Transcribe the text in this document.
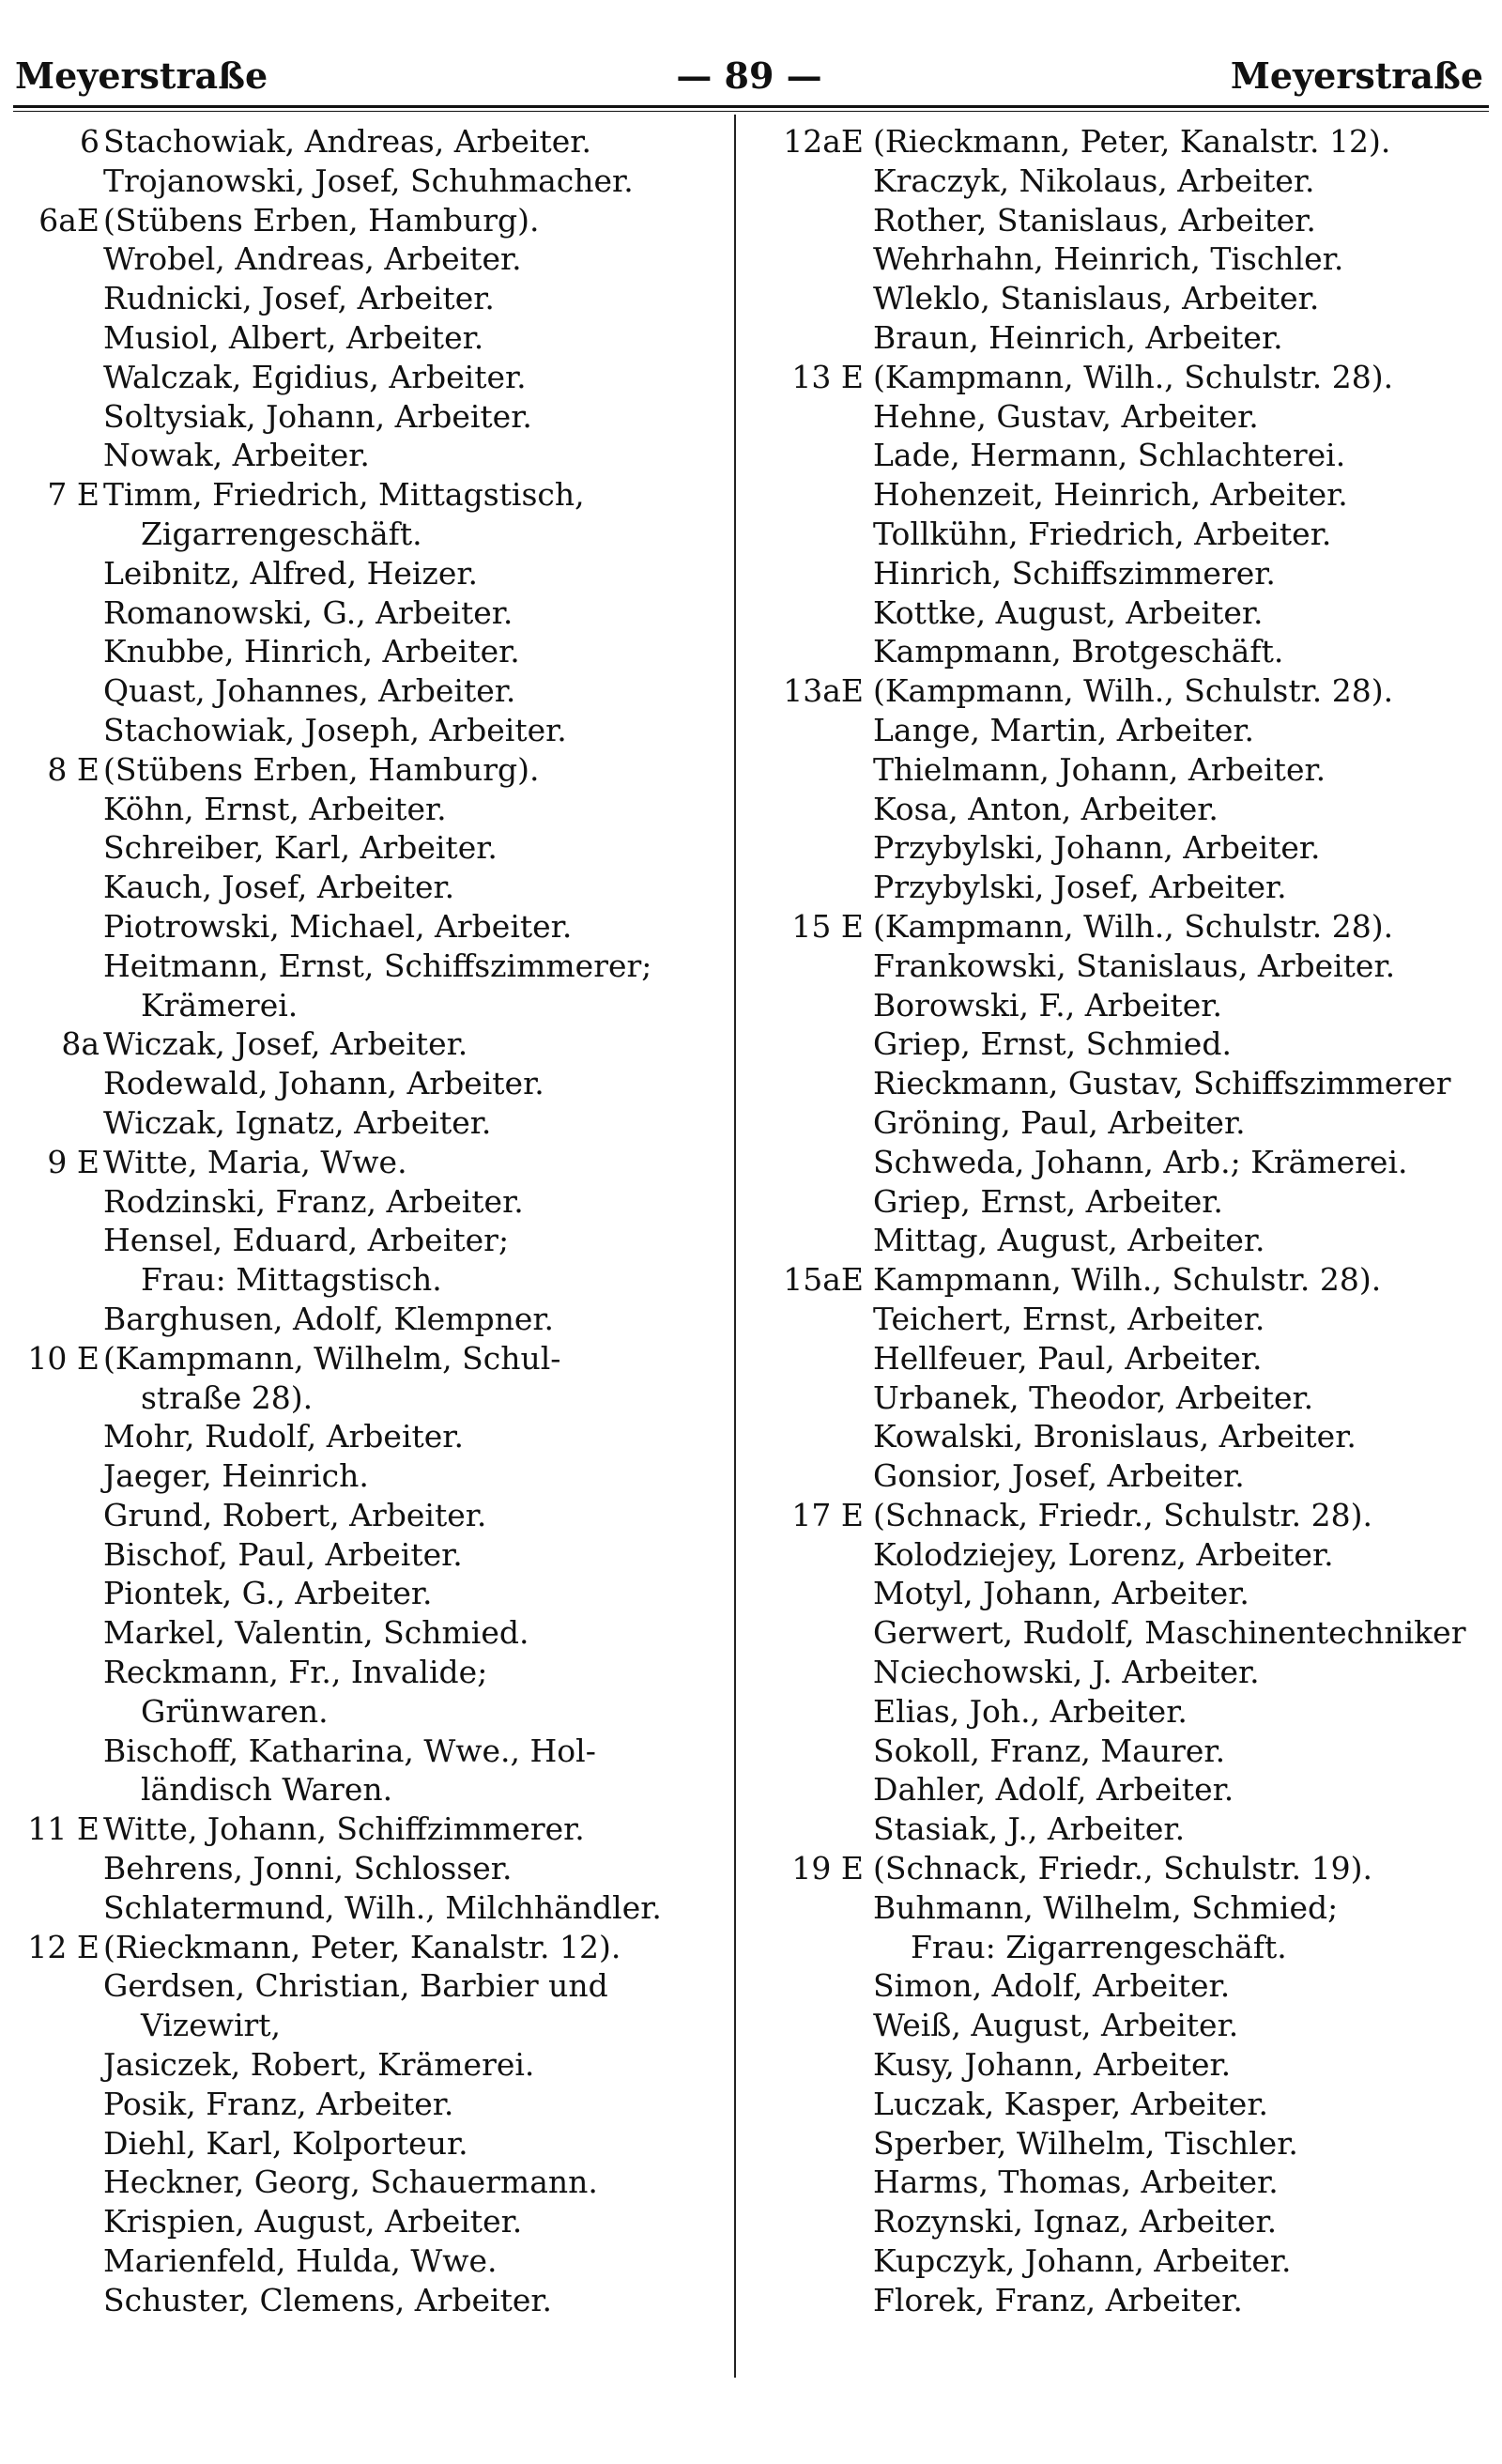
Meyerstraße	— 89 —	Meyerstraße
6 Stachowiak, Andreas, Arbeiter.
Trojanowski, Josef, Schuhmacher.
6aE (Stübens Erben, Hamburg).
Wrobel, Andreas, Arbeiter.
Rudnicki, Josef, Arbeiter.
Musiol, Albert, Arbeiter.
Walczak, Egidius, Arbeiter.
Soltysiak, Johann, Arbeiter.
Nowak, Arbeiter.
7 E Timm, Friedrich, Mittagstisch,
Zigarrengeschäft.
Leibnitz, Alfred, Heizer.
Romanowski, G., Arbeiter.
Knubbe, Hinrich, Arbeiter.
Quast, Johannes, Arbeiter.
Stachowiak, Joseph, Arbeiter.
8 E (Stübens Erben, Hamburg).
Köhn, Ernst, Arbeiter.
Schreiber, Karl, Arbeiter.
Kauch, Josef, Arbeiter.
Piotrowski, Michael, Arbeiter.
Heitmann, Ernst, Schiffszimmerer;
Krämerei.
8a Wiczak, Josef, Arbeiter.
Rodewald, Johann, Arbeiter.
Wiczak, Ignatz, Arbeiter.
9 E Witte, Maria, Wwe.
Rodzinski, Franz, Arbeiter.
Hensel, Eduard, Arbeiter;
Frau: Mittagstisch.
Barghusen, Adolf, Klempner.
10 E (Kampmann, Wilhelm, Schul-
straße 28).
Mohr, Rudolf, Arbeiter.
Jaeger, Heinrich.
Grund, Robert, Arbeiter.
Bischof, Paul, Arbeiter.
Piontek, G., Arbeiter.
Markel, Valentin, Schmied.
Reckmann, Fr., Invalide;
Grünwaren.
Bischoff, Katharina, Wwe., Hol-
ländisch Waren.
11 E Witte, Johann, Schiffzimmerer.
Behrens, Jonni, Schlosser.
Schlatermund, Wilh., Milchhändler.
12 E (Rieckmann, Peter, Kanalstr. 12).
Gerdsen, Christian, Barbier und
Vizewirt,
Jasiczek, Robert, Krämerei.
Posik, Franz, Arbeiter.
Diehl, Karl, Kolporteur.
Heckner, Georg, Schauermann.
Krispien, August, Arbeiter.
Marienfeld, Hulda, Wwe.
Schuster, Clemens, Arbeiter.
12aE (Rieckmann, Peter, Kanalstr. 12).
Kraczyk, Nikolaus, Arbeiter.
Rother, Stanislaus, Arbeiter.
Wehrhahn, Heinrich, Tischler.
Wleklo, Stanislaus, Arbeiter.
Braun, Heinrich, Arbeiter.
13 E (Kampmann, Wilh., Schulstr. 28).
Hehne, Gustav, Arbeiter.
Lade, Hermann, Schlachterei.
Hohenzeit, Heinrich, Arbeiter.
Tollkühn, Friedrich, Arbeiter.
Hinrich, Schiffszimmerer.
Kottke, August, Arbeiter.
Kampmann, Brotgeschäft.
13aE (Kampmann, Wilh., Schulstr. 28).
Lange, Martin, Arbeiter.
Thielmann, Johann, Arbeiter.
Kosa, Anton, Arbeiter.
Przybylski, Johann, Arbeiter.
Przybylski, Josef, Arbeiter.
15 E (Kampmann, Wilh., Schulstr. 28).
Frankowski, Stanislaus, Arbeiter.
Borowski, F., Arbeiter.
Griep, Ernst, Schmied.
Rieckmann, Gustav, Schiffszimmerer
Gröning, Paul, Arbeiter.
Schweda, Johann, Arb.; Krämerei.
Griep, Ernst, Arbeiter.
Mittag, August, Arbeiter.
15aE Kampmann, Wilh., Schulstr. 28).
Teichert, Ernst, Arbeiter.
Hellfeuer, Paul, Arbeiter.
Urbanek, Theodor, Arbeiter.
Kowalski, Bronislaus, Arbeiter.
Gonsior, Josef, Arbeiter.
17 E (Schnack, Friedr., Schulstr. 28).
Kolodziejey, Lorenz, Arbeiter.
Motyl, Johann, Arbeiter.
Gerwert, Rudolf, Maschinentechniker
Nciechowski, J. Arbeiter.
Elias, Joh., Arbeiter.
Sokoll, Franz, Maurer.
Dahler, Adolf, Arbeiter.
Stasiak, J., Arbeiter.
19 E (Schnack, Friedr., Schulstr. 19).
Buhmann, Wilhelm, Schmied;
Frau: Zigarrengeschäft.
Simon, Adolf, Arbeiter.
Weiß, August, Arbeiter.
Kusy, Johann, Arbeiter.
Luczak, Kasper, Arbeiter.
Sperber, Wilhelm, Tischler.
Harms, Thomas, Arbeiter.
Rozynski, Ignaz, Arbeiter.
Kupczyk, Johann, Arbeiter.
Florek, Franz, Arbeiter.
